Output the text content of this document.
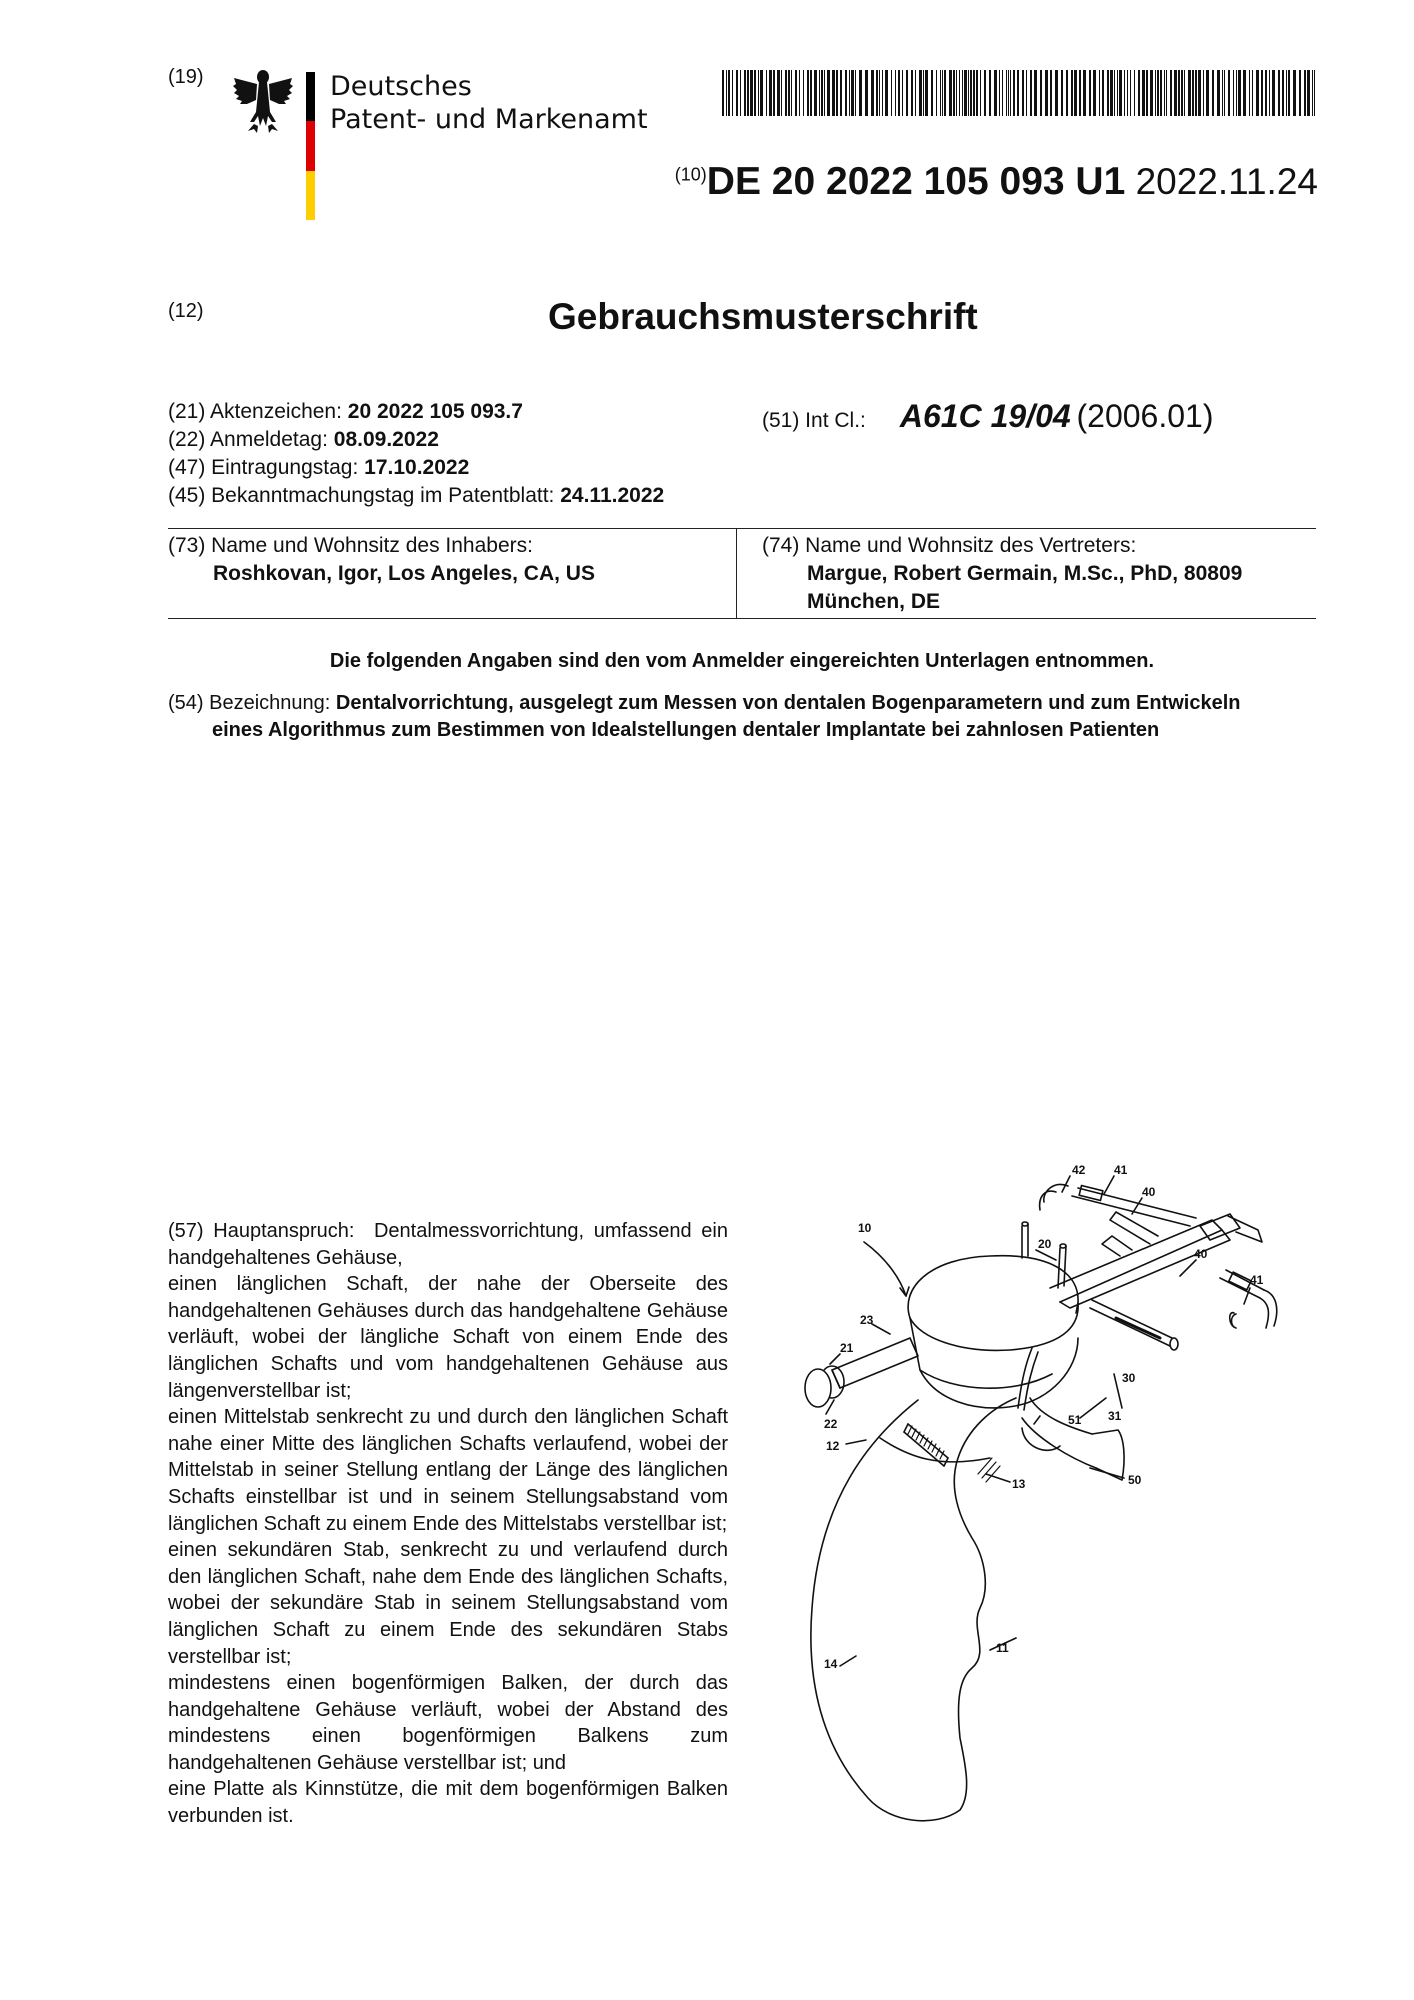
(19)	Deutsches
Patent- und Markenamt
$^{(10)}$DE 20 2022 105 093 U1 2022.11.24
(12)	Gebrauchsmusterschrift
(21) Aktenzeichen: 20 2022 105 093.7
(22) Anmeldetag: 08.09.2022
(47) Eintragungstag: 17.10.2022
(45) Bekanntmachungstag im Patentblatt: 24.11.2022
(51) Int Cl.: A61C 19/04 (2006.01)
(73) Name und Wohnsitz des Inhabers:
Roshkovan, Igor, Los Angeles, CA, US
(74) Name und Wohnsitz des Vertreters:
Margue, Robert Germain, M.Sc., PhD, 80809
München, DE
Die folgenden Angaben sind den vom Anmelder eingereichten Unterlagen entnommen.
(54) Bezeichnung: Dentalvorrichtung, ausgelegt zum Messen von dentalen Bogenparametern und zum Entwickeln
eines Algorithmus zum Bestimmen von Idealstellungen dentaler Implantate bei zahnlosen Patienten

(57) Hauptanspruch: Dentalmessvorrichtung, umfassend ein handgehaltenes Gehäuse,

einen länglichen Schaft, der nahe der Oberseite des handgehaltenen Gehäuses durch das handgehaltene Gehäuse verläuft, wobei der längliche Schaft von einem Ende des länglichen Schafts und vom handgehaltenen Gehäuse aus längenverstellbar ist;

einen Mittelstab senkrecht zu und durch den länglichen Schaft nahe einer Mitte des länglichen Schafts verlaufend, wobei der Mittelstab in seiner Stellung entlang der Länge des länglichen Schafts einstellbar ist und in seinem Stellungsabstand vom länglichen Schaft zu einem Ende des Mittelstabs verstellbar ist;

einen sekundären Stab, senkrecht zu und verlaufend durch den länglichen Schaft, nahe dem Ende des länglichen Schafts, wobei der sekundäre Stab in seinem Stellungsabstand vom länglichen Schaft zu einem Ende des sekundären Stabs verstellbar ist;

mindestens einen bogenförmigen Balken, der durch das handgehaltene Gehäuse verläuft, wobei der Abstand des mindestens einen bogenförmigen Balkens zum handgehaltenen Gehäuse verstellbar ist; und

eine Platte als Kinnstütze, die mit dem bogenförmigen Balken verbunden ist.

10
42 41
40
40
41
20
23
21
51 31
22
12
50
13
11
14
30
